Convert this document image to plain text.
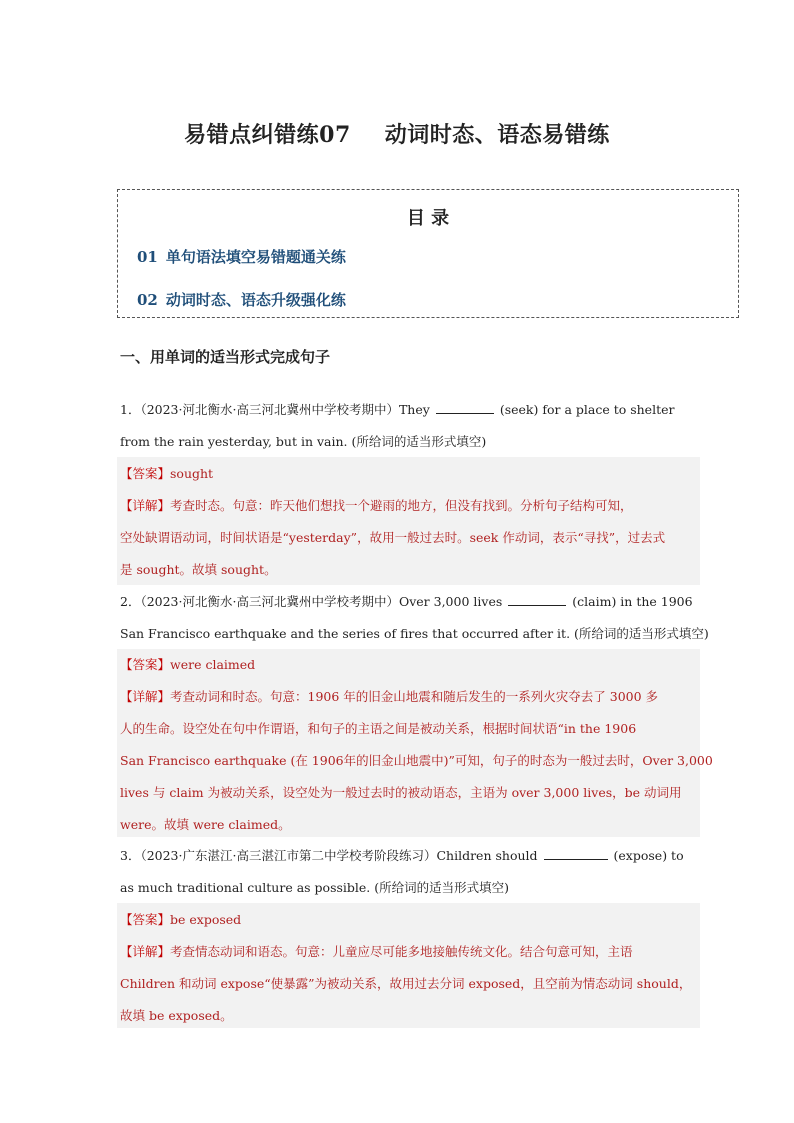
易错点纠错练07 动词时态、语态易错练
目 录
01 单句语法填空易错题通关练
02 动词时态、语态升级强化练
一、用单词的适当形式完成句子
1．（2023·河北衡水·高三河北冀州中学校考期中）They	(seek) for a place to shelter
from the rain yesterday, but in vain. (所给词的适当形式填空)
【答案】sought
【详解】考查时态。句意：昨天他们想找一个避雨的地方，但没有找到。分析句子结构可知，
空处缺谓语动词，时间状语是“yesterday”，故用一般过去时。seek 作动词，表示“寻找”，过去式
是 sought。故填 sought。
2．（2023·河北衡水·高三河北冀州中学校考期中）Over 3,000 lives	(claim) in the 1906
San Francisco earthquake and the series of fires that occurred after it. (所给词的适当形式填空)
【答案】were claimed
【详解】考查动词和时态。句意：1906 年的旧金山地震和随后发生的一系列火灾夺去了 3000 多
人的生命。设空处在句中作谓语，和句子的主语之间是被动关系，根据时间状语“in the 1906
San Francisco earthquake (在 1906年的旧金山地震中)”可知，句子的时态为一般过去时，Over 3,000
lives 与 claim 为被动关系，设空处为一般过去时的被动语态，主语为 over 3,000 lives，be 动词用
were。故填 were claimed。
3．（2023·广东湛江·高三湛江市第二中学校考阶段练习）Children should	(expose) to
as much traditional culture as possible. (所给词的适当形式填空)
【答案】be exposed
【详解】考查情态动词和语态。句意：儿童应尽可能多地接触传统文化。结合句意可知，主语
Children 和动词 expose“使暴露”为被动关系，故用过去分词 exposed，且空前为情态动词 should，
故填 be exposed。
